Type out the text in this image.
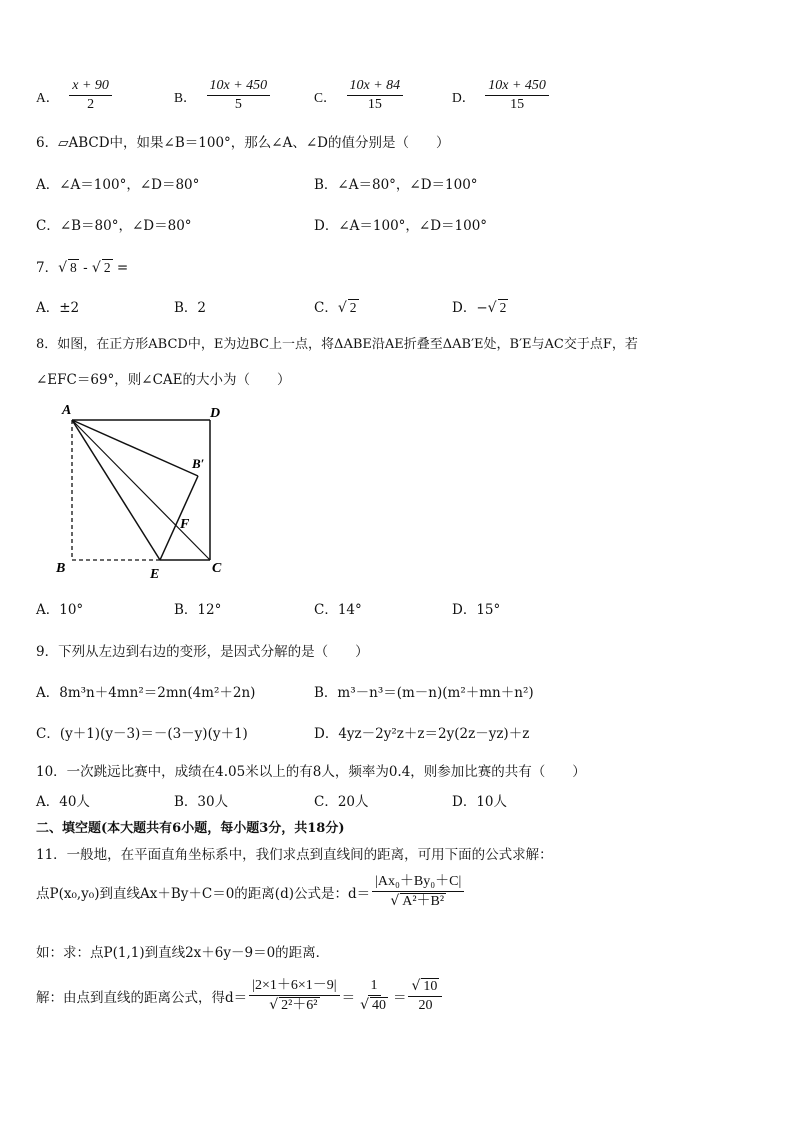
A． $\frac{x + 90}{2}$	B． $\frac{10x + 450}{5}$	C． $\frac{10x + 84}{15}$	D． $\frac{10x + 450}{15}$
6．▱ABCD中，如果∠B＝100°，那么∠A、∠D的值分别是（　　）
A．∠A＝100°，∠D＝80°	B．∠A＝80°，∠D＝100°
C．∠B＝80°，∠D＝80°	D．∠A＝100°，∠D＝100°
7．√ 8 - √ 2 =
A．±2	B．2	C．√ 2	D．−√ 2
8．如图，在正方形ABCD中，E为边BC上一点，将ΔABE沿AE折叠至ΔAB′E处，B′E与AC交于点F，若
∠EFC＝69°，则∠CAE的大小为（　　）
A	D
B′
F
B	E	C
A．10°	B．12°	C．14°	D．15°
9．下列从左边到右边的变形，是因式分解的是（　　）
A．8m³n＋4mn²＝2mn(4m²＋2n)	B．m³－n³＝(m－n)(m²＋mn＋n²)
C．(y＋1)(y－3)＝－(3－y)(y＋1)	D．4yz－2y²z＋z＝2y(2z－yz)＋z
10．一次跳远比赛中，成绩在4.05米以上的有8人，频率为0.4，则参加比赛的共有（　　）
A．40人	B．30人	C．20人	D．10人
二、填空题(本大题共有6小题，每小题3分，共18分)
11．一般地，在平面直角坐标系中，我们求点到直线间的距离，可用下面的公式求解：
点P(x₀,y₀)到直线Ax＋By＋C＝0的距离(d)公式是：$d= \frac{\text{|Ax₀＋By₀＋C|}}{\text{√ A²＋B²}}$
如：求：点P(1,1)到直线2x＋6y－9＝0的距离．
解：由点到直线的距离公式，得$d= \frac{|2\times 1+6\times 1-9|}{\text{√ 2²＋6²}} = \frac{1}{√ 40} = \frac{√ 10}{20}$
